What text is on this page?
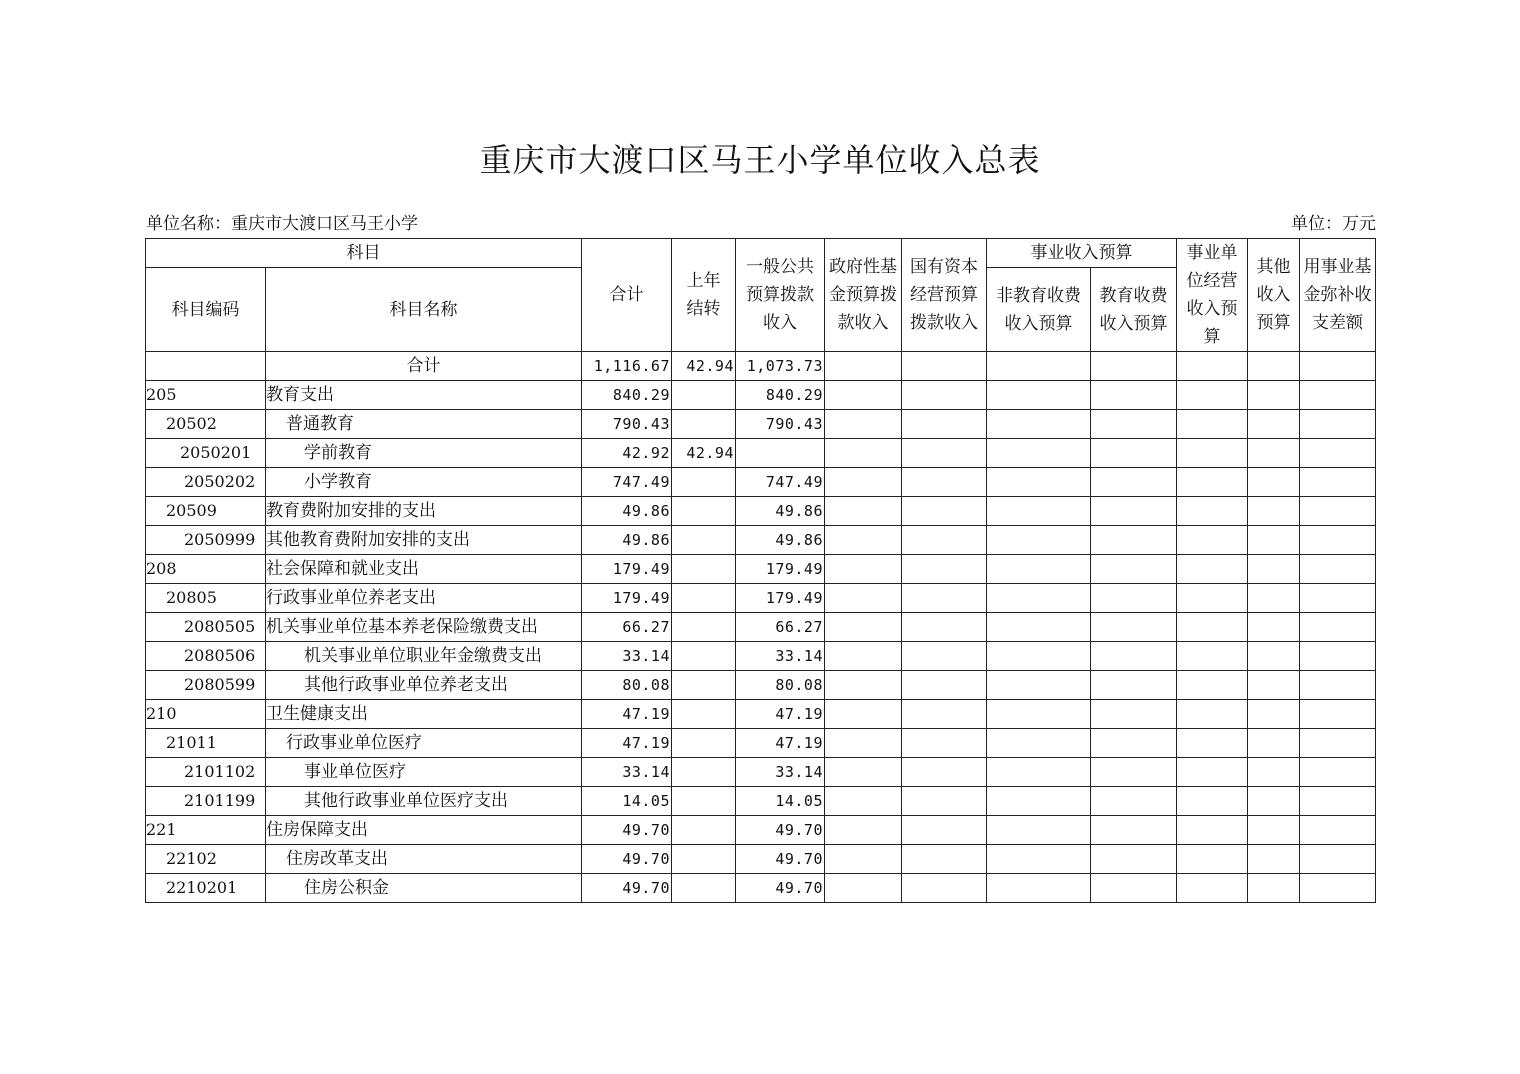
重庆市大渡口区马王小学单位收入总表
单位名称：重庆市大渡口区马王小学	单位：万元
科目		合计	上年结转	一般公共预算拨款收入	政府性基金预算拨款收入	国有资本经营预算拨款收入	事业收入预算		事业单位经营收入预算	其他收入预算	用事业基金弥补收支差额
科目编码	科目名称						非教育收费收入预算	教育收费收入预算			
	合计	1,116.67	42.94	1,073.73							
205	教育支出	840.29		840.29							
20502	普通教育	790.43		790.43							
2050201	学前教育	42.92	42.94								
2050202	小学教育	747.49		747.49							
20509	教育费附加安排的支出	49.86		49.86							
2050999	其他教育费附加安排的支出	49.86		49.86							
208	社会保障和就业支出	179.49		179.49							
20805	行政事业单位养老支出	179.49		179.49							
2080505	机关事业单位基本养老保险缴费支出	66.27		66.27							
2080506	机关事业单位职业年金缴费支出	33.14		33.14							
2080599	其他行政事业单位养老支出	80.08		80.08							
210	卫生健康支出	47.19		47.19							
21011	行政事业单位医疗	47.19		47.19							
2101102	事业单位医疗	33.14		33.14							
2101199	其他行政事业单位医疗支出	14.05		14.05							
221	住房保障支出	49.70		49.70							
22102	住房改革支出	49.70		49.70							
2210201	住房公积金	49.70		49.70							
